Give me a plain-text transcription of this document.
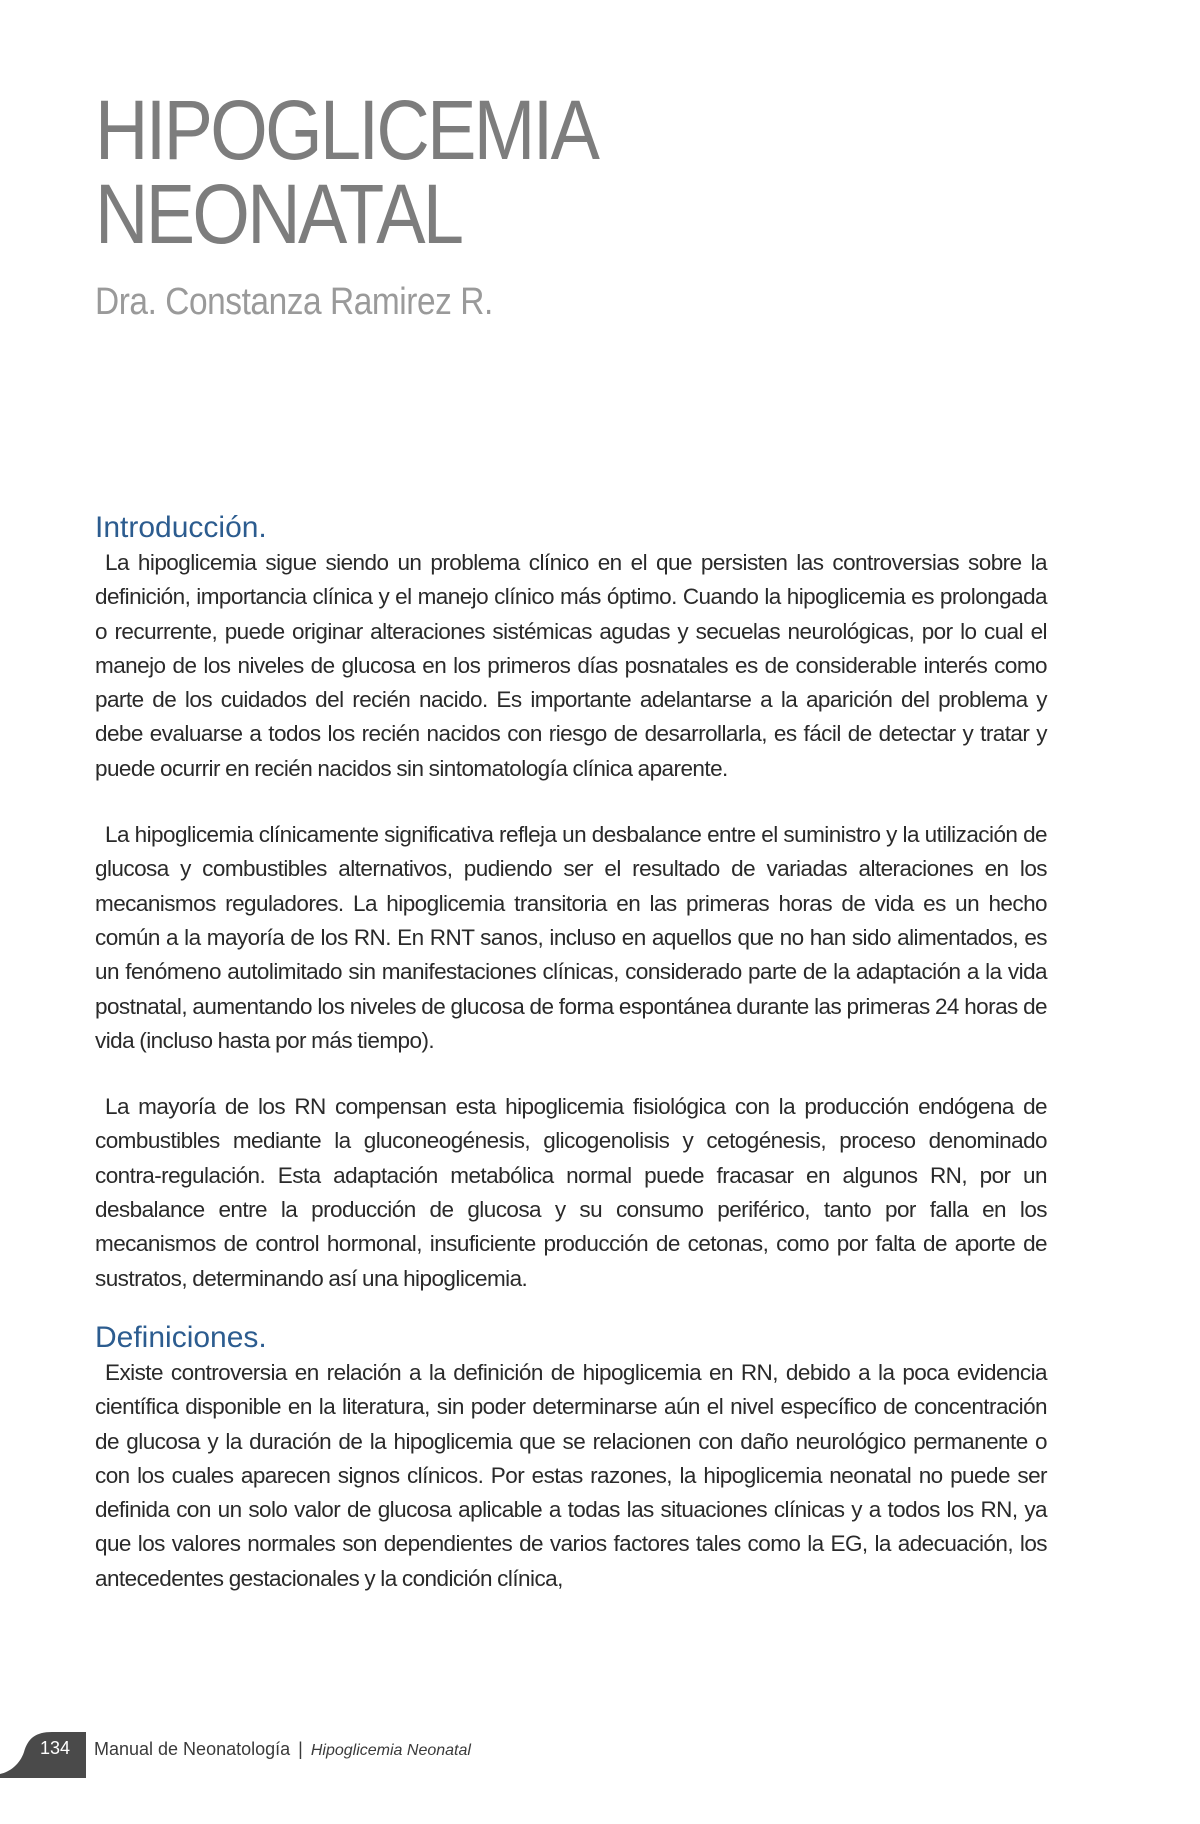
HIPOGLICEMIA
NEONATAL
Dra. Constanza Ramirez R.
Introducción.

La hipoglicemia sigue siendo un problema clínico en el que persisten las controversias sobre la definición, importancia clínica y el manejo clínico más óptimo. Cuando la hipoglicemia es prolongada o recurrente, puede originar alteraciones sistémicas agudas y secuelas neurológicas, por lo cual el manejo de los niveles de glucosa en los primeros días posnatales es de considerable interés como parte de los cuidados del recién nacido. Es importante adelantarse a la aparición del problema y debe evaluarse a todos los recién nacidos con riesgo de desarrollarla, es fácil de detectar y tratar y puede ocurrir en recién nacidos sin sintomatología clínica aparente.

La hipoglicemia clínicamente significativa refleja un desbalance entre el suministro y la utilización de glucosa y combustibles alternativos, pudiendo ser el resultado de variadas alteraciones en los mecanismos reguladores. La hipoglicemia transitoria en las primeras horas de vida es un hecho común a la mayoría de los RN. En RNT sanos, incluso en aquellos que no han sido alimentados, es un fenómeno autolimitado sin manifestaciones clínicas, considerado parte de la adaptación a la vida postnatal, aumentando los niveles de glucosa de forma espontánea durante las primeras 24 horas de vida (incluso hasta por más tiempo).

La mayoría de los RN compensan esta hipoglicemia fisiológica con la producción endógena de combustibles mediante la gluconeogénesis, glicogenolisis y cetogénesis, proceso denominado contra-regulación. Esta adaptación metabólica normal puede fracasar en algunos RN, por un desbalance entre la producción de glucosa y su consumo periférico, tanto por falla en los mecanismos de control hormonal, insuficiente producción de cetonas, como por falta de aporte de sustratos, determinando así una hipoglicemia.

Definiciones.

Existe controversia en relación a la definición de hipoglicemia en RN, debido a la poca evidencia científica disponible en la literatura, sin poder determinarse aún el nivel específico de concentración de glucosa y la duración de la hipoglicemia que se relacionen con daño neurológico permanente o con los cuales aparecen signos clínicos. Por estas razones, la hipoglicemia neonatal no puede ser definida con un solo valor de glucosa aplicable a todas las situaciones clínicas y a todos los RN, ya que los valores normales son dependientes de varios factores tales como la EG, la adecuación, los antecedentes gestacionales y la condición clínica,

134	Manual de Neonatología | Hipoglicemia Neonatal
